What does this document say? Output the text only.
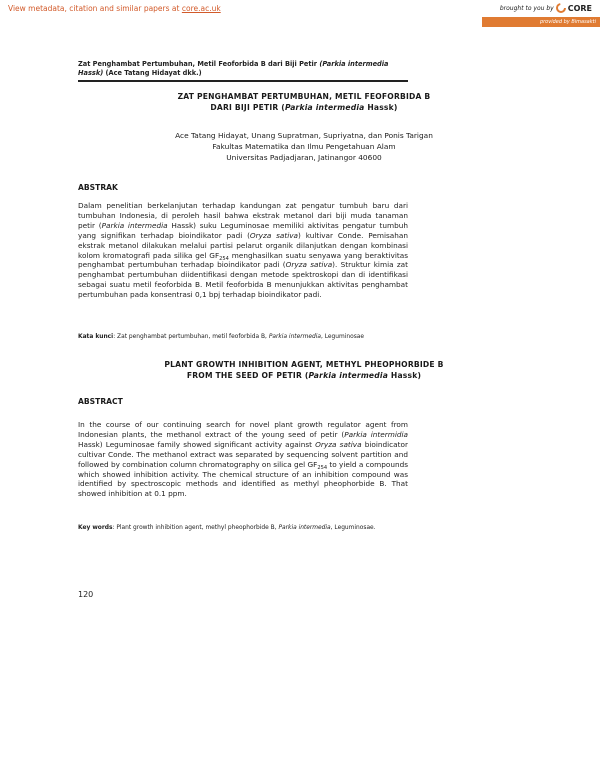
View metadata, citation and similar papers at core.ac.uk	brought to you by CORE
provided by Bimasakti
Zat Penghambat Pertumbuhan, Metil Feoforbida B dari Biji Petir (Parkia intermedia Hassk) (Ace Tatang Hidayat dkk.)
ZAT PENGHAMBAT PERTUMBUHAN, METIL FEOFORBIDA B
DARI BIJI PETIR (Parkia intermedia Hassk)
Ace Tatang Hidayat, Unang Supratman, Supriyatna, dan Ponis Tarigan
Fakultas Matematika dan Ilmu Pengetahuan Alam
Universitas Padjadjaran, Jatinangor 40600
ABSTRAK
Dalam penelitian berkelanjutan terhadap kandungan zat pengatur tumbuh baru dari tumbuhan Indonesia, di peroleh hasil bahwa ekstrak metanol dari biji muda tanaman petir (Parkia intermedia Hassk) suku Leguminosae memiliki aktivitas pengatur tumbuh yang signifikan terhadap bioindikator padi (Oryza sativa) kultivar Conde. Pemisahan ekstrak metanol dilakukan melalui partisi pelarut organik dilanjutkan dengan kombinasi kolom kromatografi pada silika gel $GF_{254}$ menghasilkan suatu senyawa yang beraktivitas penghambat pertumbuhan terhadap bioindikator padi (Oryza sativa). Struktur kimia zat penghambat pertumbuhan diidentifikasi dengan metode spektroskopi dan di identifikasi sebagai suatu metil feoforbida B. Metil feoforbida B menunjukkan aktivitas penghambat pertumbuhan pada konsentrasi 0,1 bpj terhadap bioindikator padi.
Kata kunci: Zat penghambat pertumbuhan, metil feoforbida B, Parkia intermedia, Leguminosae
PLANT GROWTH INHIBITION AGENT, METHYL PHEOPHORBIDE B
FROM THE SEED OF PETIR (Parkia intermedia Hassk)
ABSTRACT
In the course of our continuing search for novel plant growth regulator agent from Indonesian plants, the methanol extract of the young seed of petir (Parkia intermidia Hassk) Leguminosae family showed significant activity against Oryza sativa bioindicator cultivar Conde. The methanol extract was separated by sequencing solvent partition and followed by combination column chromatography on silica gel $GF_{254}$ to yield a compounds which showed inhibition activity. The chemical structure of an inhibition compound was identified by spectroscopic methods and identified as methyl pheophorbide B. That showed inhibition at 0.1 ppm.
Key words: Plant growth inhibition agent, methyl pheophorbide B, Parkia intermedia, Leguminosae.
120
